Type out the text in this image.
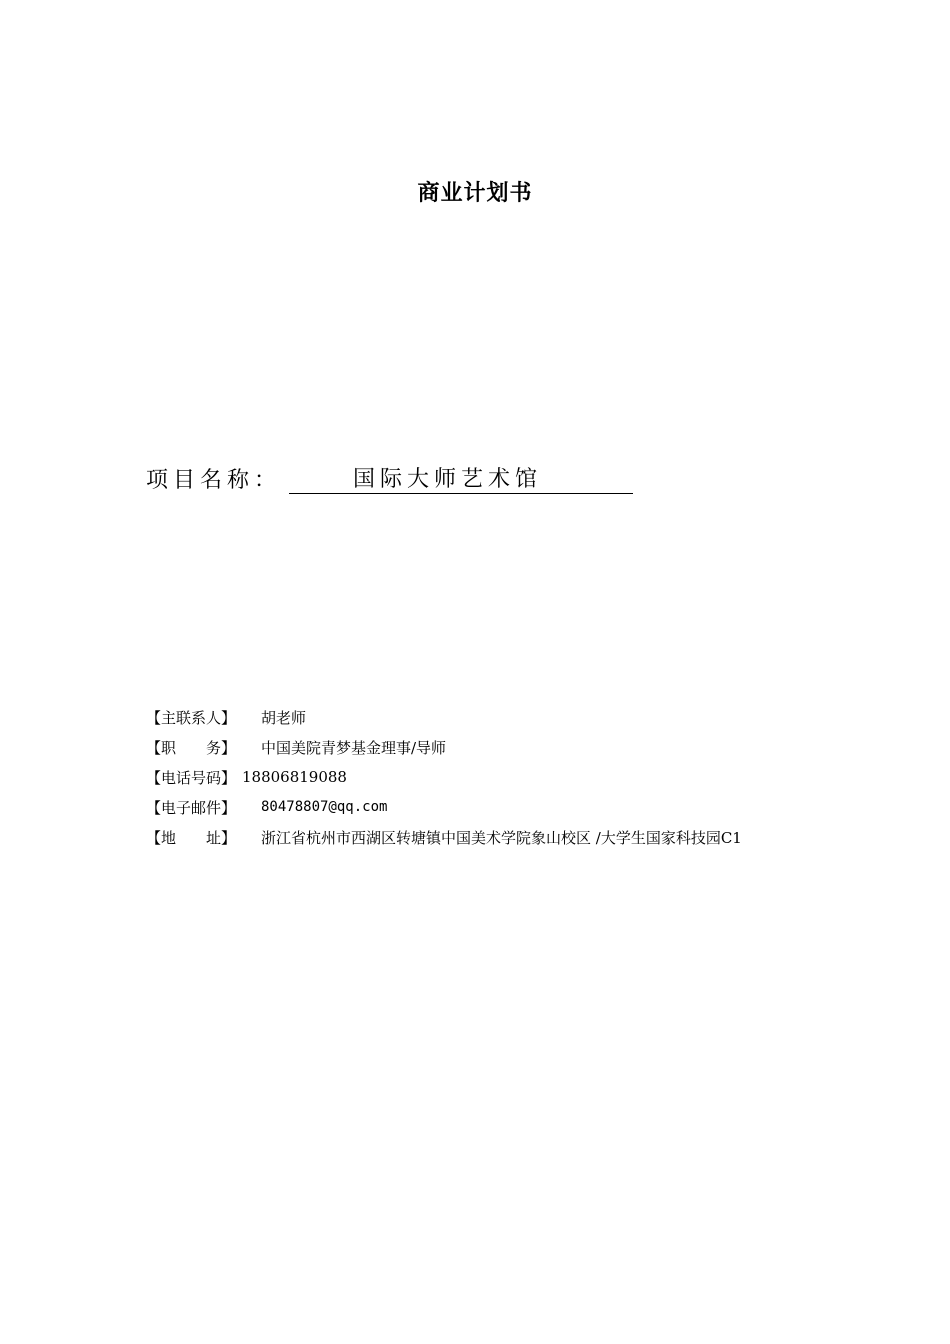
商业计划书
项目名称：	国际大师艺术馆
【主联系人】	胡老师
【职　　务】	中国美院青梦基金理事/导师
【电话号码】 18806819088
【电子邮件】	80478807@qq.com
【地　　址】	浙江省杭州市西湖区转塘镇中国美术学院象山校区 /大学生国家科技园C1
